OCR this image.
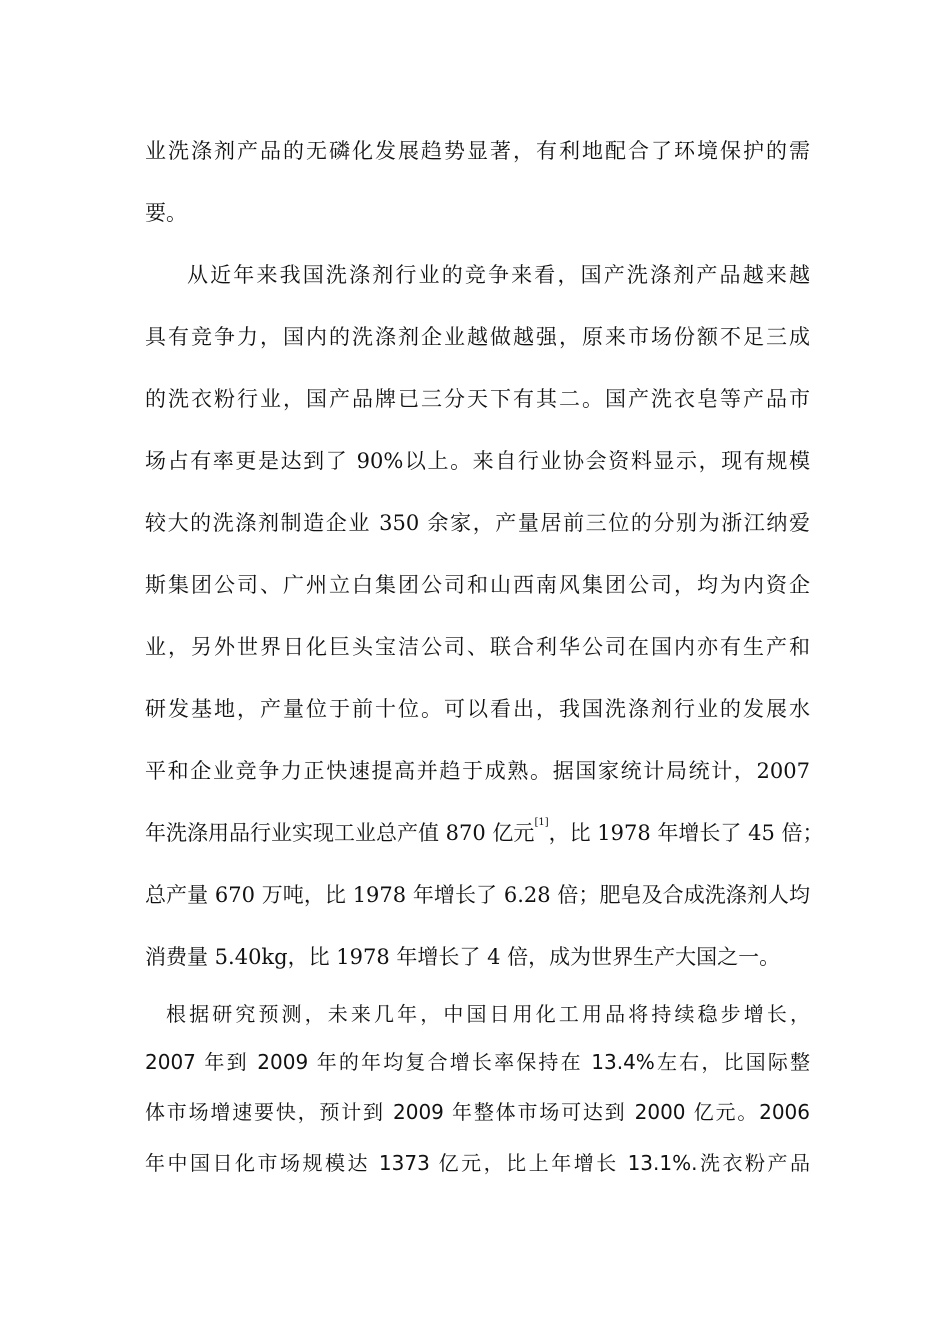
业洗涤剂产品的无磷化发展趋势显著，有利地配合了环境保护的需
要。
从近年来我国洗涤剂行业的竞争来看，国产洗涤剂产品越来越
具有竞争力，国内的洗涤剂企业越做越强，原来市场份额不足三成
的洗衣粉行业，国产品牌已三分天下有其二。国产洗衣皂等产品市
场占有率更是达到了 90%以上。来自行业协会资料显示，现有规模
较大的洗涤剂制造企业 350 余家，产量居前三位的分别为浙江纳爱
斯集团公司、广州立白集团公司和山西南风集团公司，均为内资企
业，另外世界日化巨头宝洁公司、联合利华公司在国内亦有生产和
研发基地，产量位于前十位。可以看出，我国洗涤剂行业的发展水
平和企业竞争力正快速提高并趋于成熟。据国家统计局统计，2007
年洗涤用品行业实现工业总产值 870 亿元[1]，比 1978 年增长了 45 倍；
总产量 670 万吨，比 1978 年增长了 6.28 倍；肥皂及合成洗涤剂人均
消费量 5.40kg，比 1978 年增长了 4 倍，成为世界生产大国之一。
根据研究预测，未来几年，中国日用化工用品将持续稳步增长，
2007 年到 2009 年的年均复合增长率保持在 13.4%左右，比国际整
体市场增速要快，预计到 2009 年整体市场可达到 2000 亿元。2006
年中国日化市场规模达 1373 亿元，比上年增长 13.1%.洗衣粉产品
